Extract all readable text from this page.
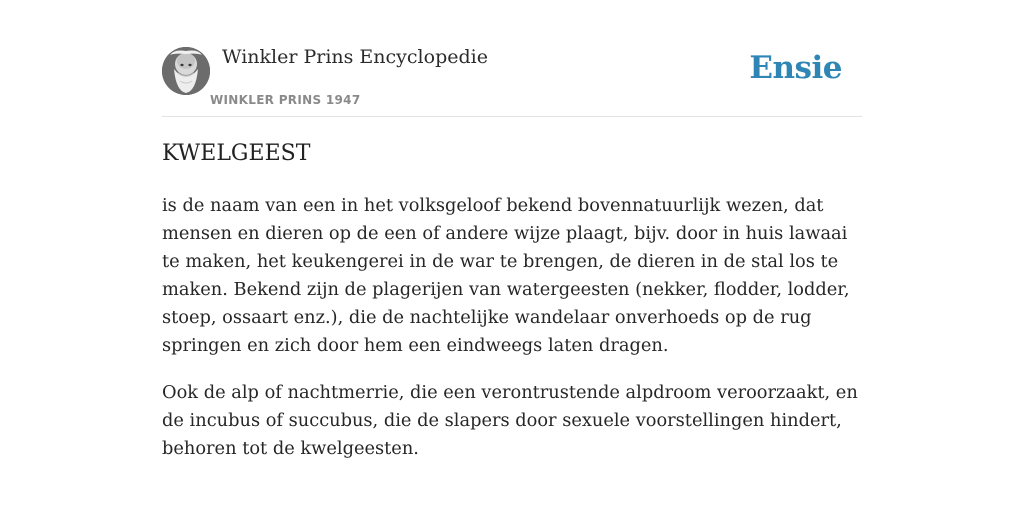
Winkler Prins Encyclopedie
WINKLER PRINS 1947
Ensie
KWELGEEST

is de naam van een in het volksgeloof bekend bovennatuurlijk wezen, dat mensen en dieren op de een of andere wijze plaagt, bijv. door in huis lawaai te maken, het keukengerei in de war te brengen, de dieren in de stal los te maken. Bekend zijn de plagerijen van watergeesten (nekker, flodder, lodder, stoep, ossaart enz.), die de nachtelijke wandelaar onverhoeds op de rug springen en zich door hem een eindweegs laten dragen.

Ook de alp of nachtmerrie, die een verontrustende alpdroom veroorzaakt, en de incubus of succubus, die de slapers door sexuele voorstellingen hindert, behoren tot de kwelgeesten.
